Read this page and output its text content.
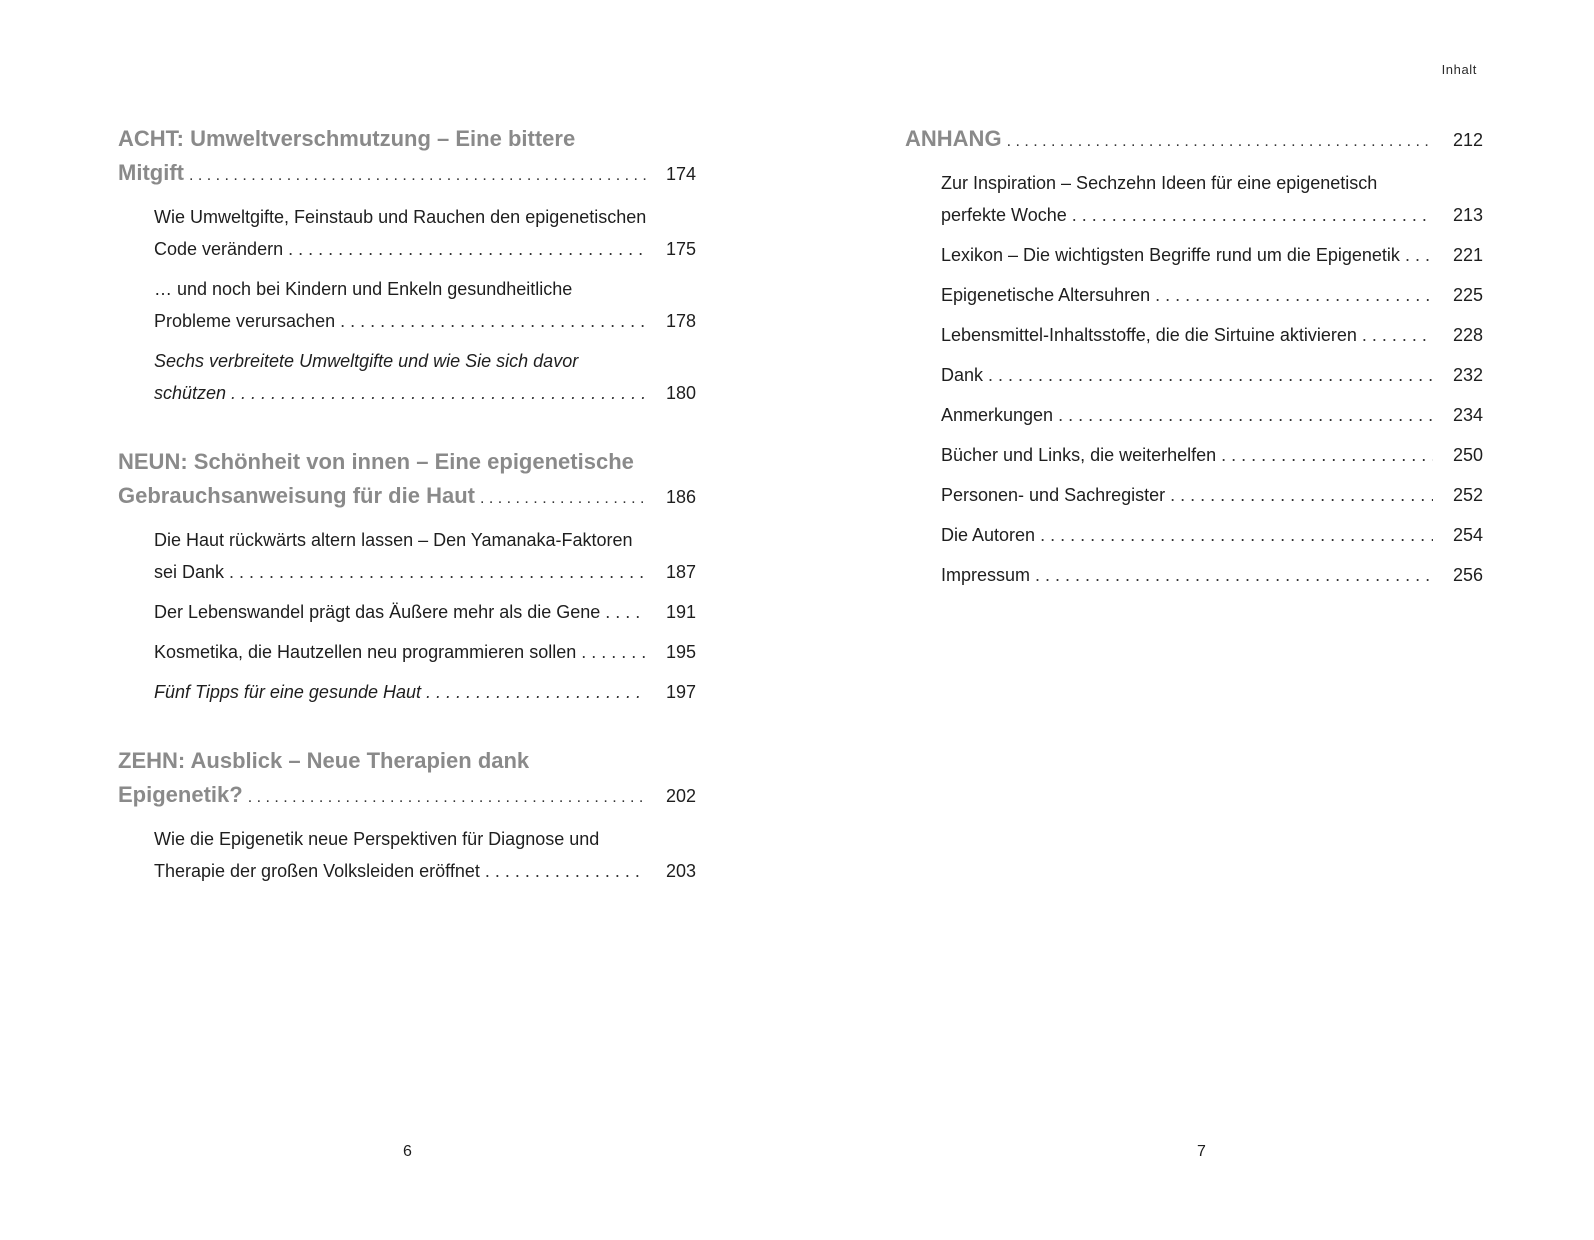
Inhalt
ACHT: Umweltverschmutzung – Eine bittere
Mitgift . . .	174
Wie Umweltgifte, Feinstaub und Rauchen den epigenetischen
Code verändern . . .	175
… und noch bei Kindern und Enkeln gesundheitliche
Probleme verursachen . . .	178
Sechs verbreitete Umweltgifte und wie Sie sich davor
schützen . . .	180
NEUN: Schönheit von innen – Eine epigenetische
Gebrauchsanweisung für die Haut . . .	186
Die Haut rückwärts altern lassen – Den Yamanaka-Faktoren
sei Dank . . .	187
Der Lebenswandel prägt das Äußere mehr als die Gene . . .	191
Kosmetika, die Hautzellen neu programmieren sollen . . .	195
Fünf Tipps für eine gesunde Haut . . .	197
ZEHN: Ausblick – Neue Therapien dank
Epigenetik? . . .	202
Wie die Epigenetik neue Perspektiven für Diagnose und
Therapie der großen Volksleiden eröffnet . . .	203
ANHANG . . .	212
Zur Inspiration – Sechzehn Ideen für eine epigenetisch
perfekte Woche . . .	213
Lexikon – Die wichtigsten Begriffe rund um die Epigenetik . . .	221
Epigenetische Altersuhren . . .	225
Lebensmittel-Inhaltsstoffe, die die Sirtuine aktivieren . . .	228
Dank . . .	232
Anmerkungen . . .	234
Bücher und Links, die weiterhelfen . . .	250
Personen- und Sachregister . . .	252
Die Autoren . . .	254
Impressum . . .	256
6	7
